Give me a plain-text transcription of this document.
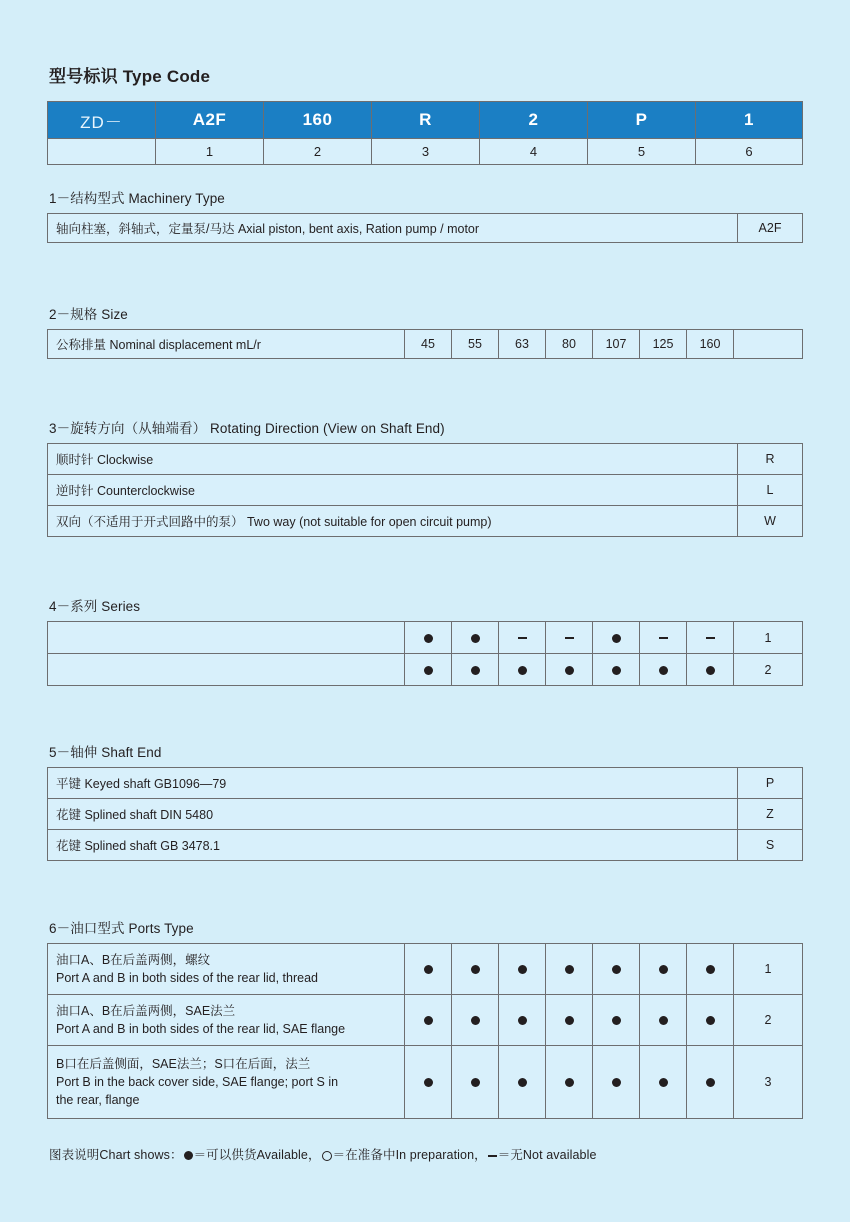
型号标识 Type Code
ZD－	A2F	160	R	2	P	1
	1	2	3	4	5	6
1－结构型式 Machinery Type
轴向柱塞，斜轴式，定量泵/马达 Axial piston, bent axis, Ration pump / motor	A2F
2－规格 Size
公称排量 Nominal displacement mL/r	45	55	63	80	107	125	160	
3－旋转方向（从轴端看） Rotating Direction (View on Shaft End)
顺时针 Clockwise	R
逆时针 Counterclockwise	L
双向（不适用于开式回路中的泵） Two way (not suitable for open circuit pump)	W
4－系列 Series
								1
								2
5－轴伸 Shaft End
平键 Keyed shaft GB1096—79	P
花键 Splined shaft DIN 5480	Z
花键 Splined shaft GB 3478.1	S
6－油口型式 Ports Type
油口A、B在后盖两侧，螺纹
Port A and B in both sides of the rear lid, thread								1

油口A、B在后盖两侧，SAE法兰
Port A and B in both sides of the rear lid, SAE flange								2

B口在后盖侧面，SAE法兰；S口在后面，法兰
Port B in the back cover side, SAE flange; port S in
the rear, flange								3
图表说明Chart shows： ＝可以供货Available， ＝在准备中In preparation， ＝无Not available
